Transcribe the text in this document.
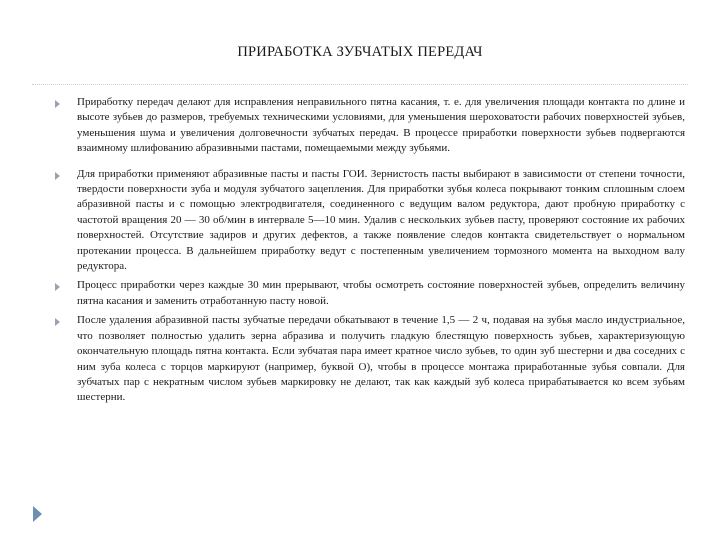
ПРИРАБОТКА ЗУБЧАТЫХ ПЕРЕДАЧ
Приработку передач делают для исправления неправильного пятна касания, т. е. для увеличения площади контакта по длине и высоте зубьев до размеров, требуемых техническими условиями, для уменьшения шероховатости рабочих поверхностей зубьев, уменьшения шума и увеличения долговечности зубчатых передач. В процессе приработки поверхности зубьев подвергаются взаимному шлифованию абразивными пастами, помещаемыми между зубьями.
Для приработки применяют абразивные пасты и пасты ГОИ. Зернистость пасты выбирают в зависимости от степени точности, твердости поверхности зуба и модуля зубчатого зацепления. Для приработки зубья колеса покрывают тонким сплошным слоем абразивной пасты и с помощью электродвигателя, соединенного с ведущим валом редуктора, дают пробную приработку с частотой вращения 20 — 30 об/мин в интервале 5—10 мин. Удалив с нескольких зубьев пасту, проверяют состояние их рабочих поверхностей. Отсутствие задиров и других дефектов, а также появление следов контакта свидетельствует о нормальном протекании процесса. В дальнейшем приработку ведут с постепенным увеличением тормозного момента на выходном валу редуктора.
Процесс приработки через каждые 30 мин прерывают, чтобы осмотреть состояние поверхностей зубьев, определить величину пятна касания и заменить отработанную пасту новой.
После удаления абразивной пасты зубчатые передачи обкатывают в течение 1,5 — 2 ч, подавая на зубья масло индустриальное, что позволяет полностью удалить зерна абразива и получить гладкую блестящую поверхность зубьев, характеризующую окончательную площадь пятна контакта. Если зубчатая пара имеет кратное число зубьев, то один зуб шестерни и два соседних с ним зуба колеса с торцов маркируют (например, буквой О), чтобы в процессе монтажа приработанные зубья совпали. Для зубчатых пар с некратным числом зубьев маркировку не делают, так как каждый зуб колеса прирабатывается ко всем зубьям шестерни.
